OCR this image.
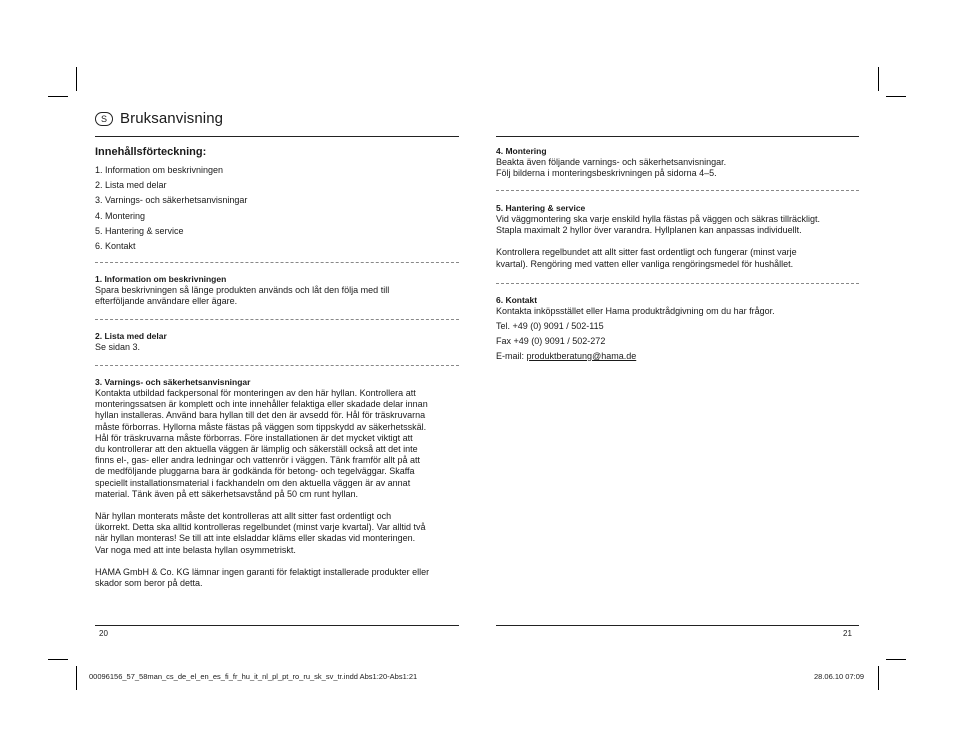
S Bruksanvisning
Innehållsförteckning:
1. Information om beskrivningen
2. Lista med delar
3. Varnings- och säkerhetsanvisningar
4. Montering
5. Hantering & service
6. Kontakt
1. Information om beskrivningen

Spara beskrivningen så länge produkten används och låt den följa med till
efterföljande användare eller ägare.

2. Lista med delar

Se sidan 3.

3. Varnings- och säkerhetsanvisningar

Kontakta utbildad fackpersonal för monteringen av den här hyllan. Kontrollera att
monteringssatsen är komplett och inte innehåller felaktiga eller skadade delar innan
hyllan installeras. Använd bara hyllan till det den är avsedd för. Hål för träskruvarna
måste förborras. Hyllorna måste fästas på väggen som tippskydd av säkerhetsskäl.
Hål för träskruvarna måste förborras. Före installationen är det mycket viktigt att
du kontrollerar att den aktuella väggen är lämplig och säkerställ också att det inte
finns el-, gas- eller andra ledningar och vattenrör i väggen. Tänk framför allt på att
de medföljande pluggarna bara är godkända för betong- och tegelväggar. Skaffa
speciellt installationsmaterial i fackhandeln om den aktuella väggen är av annat
material. Tänk även på ett säkerhetsavstånd på 50 cm runt hyllan.

När hyllan monterats måste det kontrolleras att allt sitter fast ordentligt och
ükorrekt. Detta ska alltid kontrolleras regelbundet (minst varje kvartal). Var alltid två
när hyllan monteras! Se till att inte elsladdar kläms eller skadas vid monteringen.
Var noga med att inte belasta hyllan osymmetriskt.

HAMA GmbH & Co. KG lämnar ingen garanti för felaktigt installerade produkter eller
skador som beror på detta.

20
4. Montering

Beakta även följande varnings- och säkerhetsanvisningar.
Följ bilderna i monteringsbeskrivningen på sidorna 4–5.

5. Hantering & service

Vid väggmontering ska varje enskild hylla fästas på väggen och säkras tillräckligt.
Stapla maximalt 2 hyllor över varandra. Hyllplanen kan anpassas individuellt.

Kontrollera regelbundet att allt sitter fast ordentligt och fungerar (minst varje
kvartal). Rengöring med vatten eller vanliga rengöringsmedel för hushållet.

6. Kontakt

Kontakta inköpsstället eller Hama produktrådgivning om du har frågor.

Tel. +49 (0) 9091 / 502-115
Fax +49 (0) 9091 / 502-272
E-mail: produktberatung@hama.de
21
00096156_57_58man_cs_de_el_en_es_fi_fr_hu_it_nl_pl_pt_ro_ru_sk_sv_tr.indd Abs1:20-Abs1:21	28.06.10 07:09
